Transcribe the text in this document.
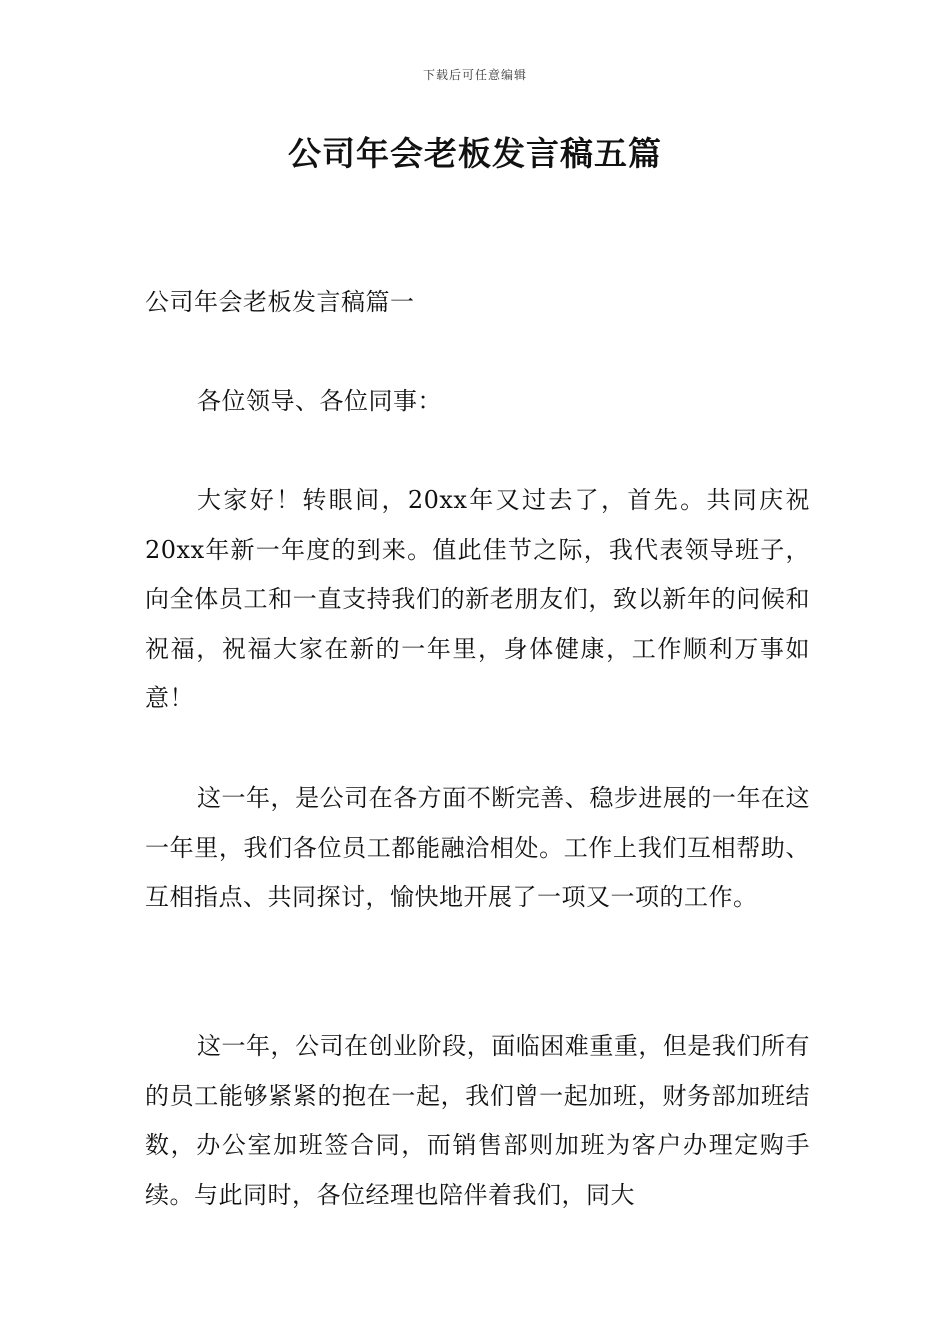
下载后可任意编辑
公司年会老板发言稿五篇

公司年会老板发言稿篇一

各位领导、各位同事：

大家好！转眼间，20xx年又过去了，首先。共同庆祝20xx年新一年度的到来。值此佳节之际，我代表领导班子，向全体员工和一直支持我们的新老朋友们，致以新年的问候和祝福，祝福大家在新的一年里，身体健康，工作顺利万事如意！

这一年，是公司在各方面不断完善、稳步进展的一年在这一年里，我们各位员工都能融洽相处。工作上我们互相帮助、互相指点、共同探讨，愉快地开展了一项又一项的工作。

这一年，公司在创业阶段，面临困难重重，但是我们所有的员工能够紧紧的抱在一起，我们曾一起加班，财务部加班结数，办公室加班签合同，而销售部则加班为客户办理定购手续。与此同时，各位经理也陪伴着我们，同大
